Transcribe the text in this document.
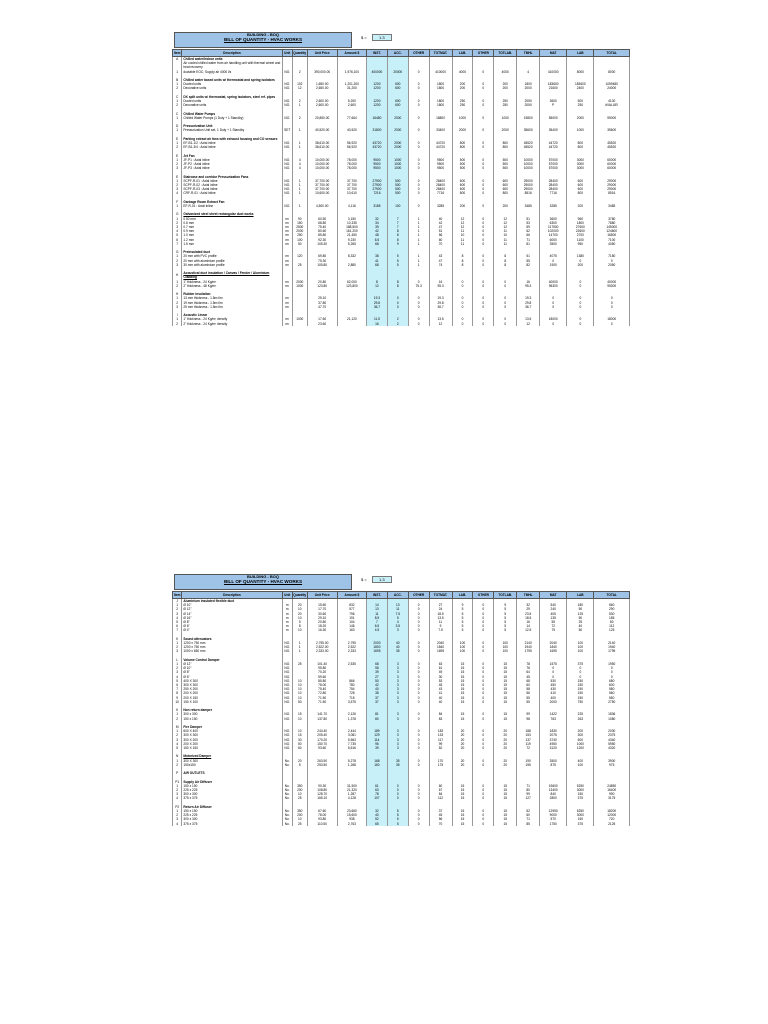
BUILDING - BOQ
BILL OF QUANTITY - HVAC WORKS	$ =	1.3
Item	Description	Unit	Quantity	Unit Price	Amount $	INST.	ACC.	OTHER	TOTMAT.	LAB.	OTHER	TOTLAB.	TMHL	MAT	LAB	TOTAL
A	Chilled water/Indoor units															
	Air cooled chilled water from air handling unit with thermal wheel and heat recovery															
1	ductable EOC; Supply air 4000 l/s	NO.	2	390,000.00	1,976,100	400000	20000	0	410000	4000	0	4000	4	410000	8000	8000

B	Chilled water based units w/ thermostat and spring isolators															
1	Ducted units	NO.	102	1,650.00	1,201,200	1200	600	0	1800	200	0	200	1800	183600	183600	1059480
2	Decorative units	NO.	12	2,650.00	31,200	1200	600	0	1800	200	0	200	2000	21600	2400	24000

C	DX split units w/ thermostat, spring isolators, steel ref. pipes															
1	Ducted units	NO.	2	2,600.00	5,200	1200	600	0	1800	250	0	250	2050	3600	500	4100
2	Decorative units	NO.	1	2,600.00	2,600	1200	600	0	1800	250	0	250	2050	P	250	#VALUE!

C	Chilled Water Pumps															
1	Chilled Water Pumps (1 Duty + 1 Standby)	NO.	2	20,850.00	77,664	16480	2000	0	18800	1000	0	1000	19800	55000	2000	59000

D	Pressurization Unit															
1	Pressurization Unit set, 1 Duty + 1 Standby	SET	1	40,520.00	40,520	31800	2000	0	33400	2000	0	2000	35600	35400	1000	35600

E	Parking extract air fans with exhaust housing and CO sensors															
1	EF-B1-1/2 : Axial inline	NO.	1	38,610.00	56,920	43720	2000	0	44720	800	0	800	45520	44720	800	45520
2	EF-B1-3/4 : Axial inline	NO.	1	38,610.00	56,920	43720	2000	0	44720	800	0	800	45520	44720	800	45520

E	Jet Fan															
1	JF-P1 : Axial inline	NO.	4	10,000.00	78,000	9500	1000	0	9500	500	0	500	10000	57000	3000	60000
2	JF-P2 : Axial inline	NO.	4	10,000.00	78,000	9500	1000	0	9500	500	0	500	10000	57000	3000	60000
3	JF-P3 : Axial inline	NO.	4	10,000.00	78,000	9500	1000	0	9500	500	0	500	10000	57000	3000	60000

E	Staircase and corridor Pressurization Fans															
1	SCPF-R-01 : Axial inline	NO.	1	37,700.00	37,700	27900	500	0	28400	600	0	600	29000	28400	600	29000
2	SCPF-R-02 : Axial inline	NO.	1	37,700.00	37,700	27900	500	0	28400	600	0	600	29000	28400	600	29000
3	SCPF-R-03 : Axial inline	NO.	1	37,700.00	37,700	27900	500	0	28400	600	0	600	29000	28400	600	29000
4	CRF-R-01 : Axial inline	NO.	1	10,600.00	10,610	7216	500	0	7716	800	0	800	8516	7716	800	8516

F	Garbage Room Extract Fan															
1	EF-R-01 : Axial inline	NO.	1	4,500.00	4,116	3185	100	0	3285	200	0	200	3485	3285	200	3485

G	Galvanized steel sheet rectangular duct works															
1	0.50 mm	m²	90	60.50	3,150	32	7	1	40	12	0	12	51	3600	960	3780
2	0.6 mm	m²	150	68.80	10,335	34	7	1	42	12	0	12	53	6300	1800	7880
3	0.7 mm	m²	2500	75.40	188,500	39	7	1	47	12	0	12	59	117500	27600	145000
4	0.9 mm	m²	2000	80.60	161,200	42	8	1	51	11	0	11	62	102000	22600	124600
5	1.0 mm	m²	250	85.80	21,450	48	8	1	56	10	0	10	66	14700	2700	16500
6	1.2 mm	m²	100	92.30	9,230	6.5	8	1	60	11	0	11	71	6000	1100	7100
7	1.5 mm	m²	50	105.30	5,265	68	9	1	70	11	0	11	81	3500	950	4050

G	Preinsulated duct															
1	20 mm with PVC profile	m²	120	69.80	8,332	38	5	1	43	8	0	8	51	4075	1380	7180
2	20 mm with aluminium profile	m²		75.30		41	5	1	47	8	0	8	55	0	0	0
3	30 mm with aluminium profile	m²	25	105.80	2,880	68	5	1	74	8	0	8	82	1900	200	2050

H	Acoustical duct insulation / Canvas / Fender / Aluminium Cladding															
1	1" thickness - 24 Kg/m³	m²	2000	20.80	62,000	8	8	0	16	0	0	0	16	40000	0	40000
2	2" thickness - 48 Kg/m³	m²	1000	123.80	123,800	12	8	75.3	95.3	0	0	0	95.3	95300	0	95300

H	Rubber insulation															
1	13 mm thickness - 1.5m²/lm	m²		25.10		19.3	0	0	19.3	0	0	0	19.3	0	0	0
2	19 mm thickness - 1.5m²/lm	m²		37.80		29.8	0	0	29.8	0	0	0	29.8	0	0	0
3	25 mm thickness - 1.5m²/lm	m²		47.70		36.7	0	0	36.7	0	0	0	36.7	0	0	0

I	Acoustic Linear															
1	1" thickness - 24 Kg/m³ density	m²	1000	17.60	21,120	11.5	2	0	13.5	0	0	0	13.5	18000	0	18000
2	2" thickness - 24 Kg/m³ density	m²		23.60		16	2	0	12	0	0	0	12	0	0	0
BUILDING - BOQ
BILL OF QUANTITY - HVAC WORKS	$ =	1.3
Item	Description	Unit	Quantity	Unit Price	Amount $	INST.	ACC.	OTHER	TOTMAT.	LAB.	OTHER	TOTLAB.	TMHL	MAT	LAB	TOTAL
J	Aluminium insulated flexible duct															
1	Ø 10"	m	20	15.60	832	14	13	0	27	9	0	9	32	540	180	660
2	Ø 12"	m	10	17.70	577	13	11	0	24	5	0	5	29	240	50	290
3	Ø 14"	m	20	30.60	796	11	7.5	0	18.5	5	0	5	23.5	405	125	530
4	Ø 16"	m	10	29.10	191	8.5	5	0	13.5	5	0	5	18.5	135	50	185
5	Ø 8"	m	5	20.80	104	7	4	0	11	5	0	5	16	55	25	80
6	Ø 6"	m	8	18.20	146	6.5	3.5	0	9	5	0	5	14	72	40	112
7	Ø 4"	m	10	16.30	163	4.5	3	0	7.5	5	0	5	12.5	75	50	125

K	Sound attenuators															
1	1200 x 750 mm	NO.	1	2,795.00	2,795	2000	40	0	2040	100	0	100	2140	2040	100	2140
2	1200 x 750 mm	NO.	1	2,522.00	2,522	1800	40	0	1840	100	0	100	1940	1840	100	1940
3	1000 x 650 mm	NO.	1	2,333.00	2,333	1695	35	0	1695	100	0	100	1795	1695	100	1795

L	Volume Control Damper															
1	Ø 12"	NO.	25	101.40	2,535	68	3	0	63	15	0	15	78	1575	375	1950
2	Ø 10"	NO.		95.80		58	3	0	61	15	0	15	76	0	0	0
3	Ø 8"	NO.		70.20		39	3	0	49	15	0	15	64	0	0	0
4	Ø 6"	NO.		59.60		27	3	0	30	15	0	15	45	0	0	0
5	400 X 300	NO.	10	85.80	866	50	3	0	53	15	0	15	68	530	150	680
6	300 X 300	NO.	10	78.00	780	42	3	0	45	15	0	15	60	450	150	600
7	250 X 200	NO.	10	75.40	754	40	3	0	43	15	0	15	58	430	150	580
8	200 X 200	NO.	10	72.80	728	38	3	0	41	15	0	15	56	410	150	560
9	200 X 150	NO.	10	71.50	715	37	3	0	40	15	0	15	55	400	150	550
10	150 X 100	NO.	50	71.50	3,575	37	3	0	40	15	0	15	55	2000	750	2750

K	Non return damper															
1	300 x 300	NO.	15	141.70	2,126	81	3	0	84	15	0	15	99	1422	225	1836
2	150 x 150	NO.	10	137.80	1,378	80	3	0	83	15	0	15	98	763	263	1080

M	Fire Damper															
1	600 X 400	NO.	10	244.40	2,444	189	3	0	183	20	0	20	188	1830	200	2030
2	300 X 300	NO.	15	205.40	3,081	129	3	0	133	20	0	20	153	2075	300	2375
3	300 X 200	NO.	30	170.20	5,563	114	3	0	117	20	0	20	137	3740	600	4340
4	200 X 200	NO.	50	150.70	7,735	96	3	0	99	20	0	20	119	4950	1000	5950
5	150 X 150	NO.	60	93.60	5,616	39	3	0	52	20	0	20	72	3120	1200	4320

N	Motorized Damper															
1	300 X 300	No.	20	263.90	5,278	168	35	0	170	20	0	20	190	3500	400	3900
2	150x150	No.	5	253.50	1,268	160	35	0	175	20	0	20	195	875	100	975

P	AIR OUTLETS															

P1	Supply Air Diffuser															
1	150 x 150	No.	350	90.30	31,500	61	0	0	60	15	0	15	71	19600	5250	24850
2	225 x 225	No.	200	108.80	21,320	63	0	0	67	15	0	15	80	13400	3000	16400
3	300 x 300	No.	10	128.70	1,287	78	0	0	84	15	0	15	99	840	150	990
4	375 x 375	No.	25	165.10	4,128	107	0	0	112	15	0	15	127	2800	375	3175

P2	Return Air Diffuser															
1	150 x 150	No.	350	67.60	23,660	32	5	0	37	15	0	15	52	12950	5250	18200
2	225 x 225	No.	200	78.00	15,600	40	5	0	45	15	0	15	60	9000	3000	12000
3	300 x 300	No.	10	93.80	938	52	5	0	56	15	0	15	71	570	150	720
4	375 x 375	No.	25	110.50	2,763	65	5	0	70	15	0	15	85	1750	375	2125
